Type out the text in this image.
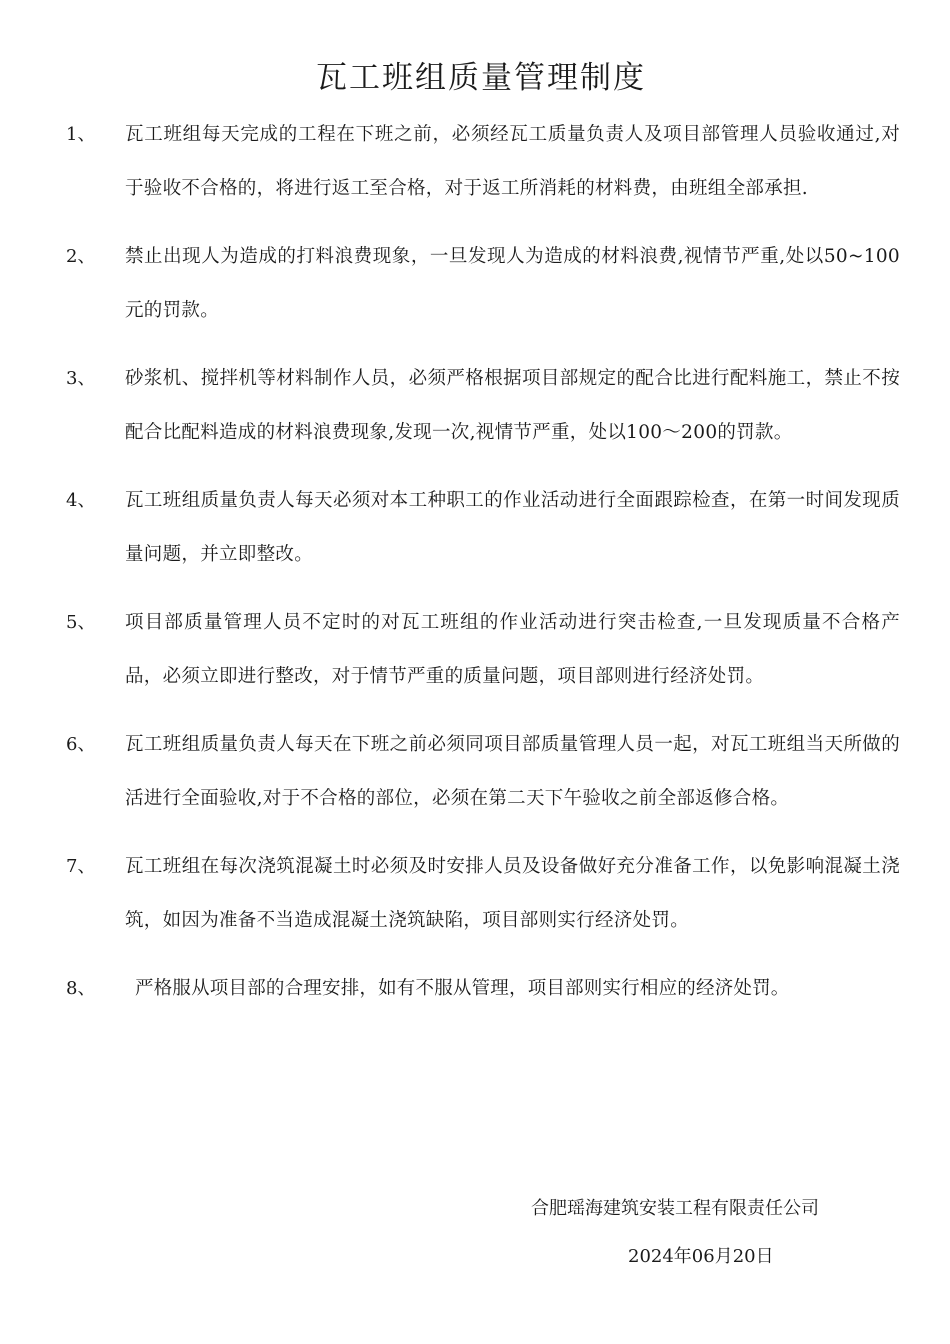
瓦工班组质量管理制度
1、 瓦工班组每天完成的工程在下班之前，必须经瓦工质量负责人及项目部管理人员验收通过,对于验收不合格的，将进行返工至合格，对于返工所消耗的材料费，由班组全部承担.
2、 禁止出现人为造成的打料浪费现象，一旦发现人为造成的材料浪费,视情节严重,处以50~100元的罚款。
3、 砂浆机、搅拌机等材料制作人员，必须严格根据项目部规定的配合比进行配料施工，禁止不按配合比配料造成的材料浪费现象,发现一次,视情节严重，处以100～200的罚款。
4、 瓦工班组质量负责人每天必须对本工种职工的作业活动进行全面跟踪检查，在第一时间发现质量问题，并立即整改。
5、 项目部质量管理人员不定时的对瓦工班组的作业活动进行突击检查,一旦发现质量不合格产品，必须立即进行整改，对于情节严重的质量问题，项目部则进行经济处罚。
6、 瓦工班组质量负责人每天在下班之前必须同项目部质量管理人员一起，对瓦工班组当天所做的活进行全面验收,对于不合格的部位，必须在第二天下午验收之前全部返修合格。
7、 瓦工班组在每次浇筑混凝土时必须及时安排人员及设备做好充分准备工作，以免影响混凝土浇筑，如因为准备不当造成混凝土浇筑缺陷，项目部则实行经济处罚。
8、 严格服从项目部的合理安排，如有不服从管理，项目部则实行相应的经济处罚。
合肥瑶海建筑安装工程有限责任公司
2024年06月20日
